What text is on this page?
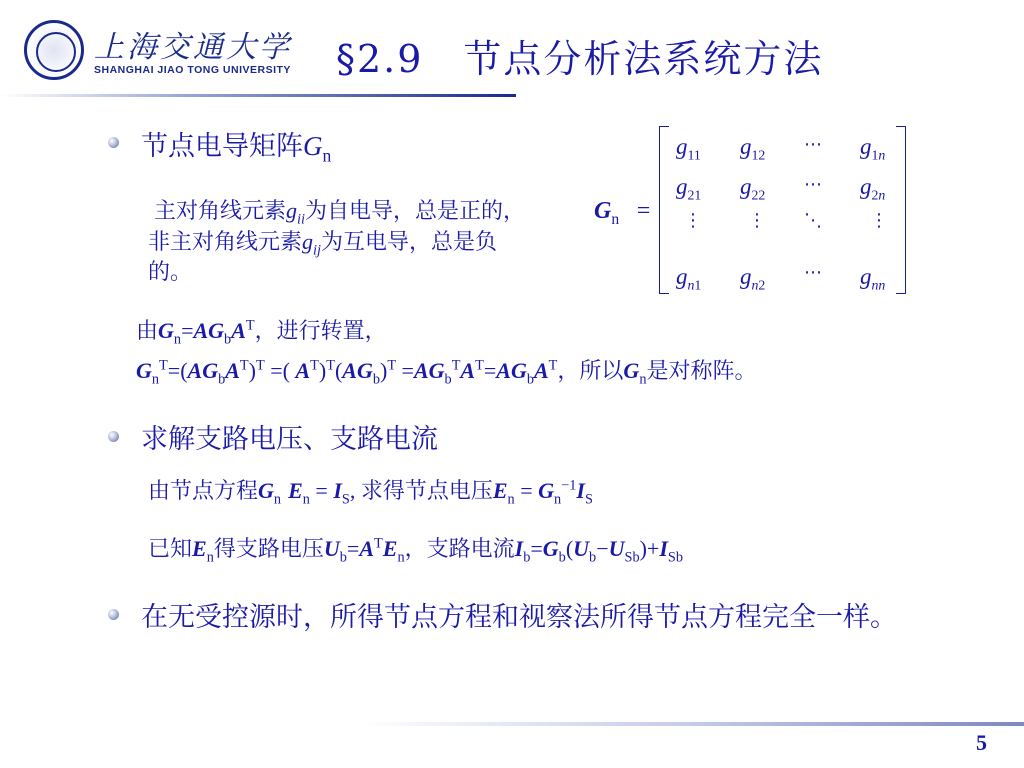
上海交通大学
SHANGHAI JIAO TONG UNIVERSITY §2.9　节点分析法系统方法
节点电导矩阵$G_n$
主对角线元素$g_{ii}$为自电导，总是正的，非主对角线元素$g_{ij}$为互电导，总是负的。
$G_n$ =
$g_{11}$ $g_{12}$
⋯ $g_{1n}$
$g_{21}$ $g_{22}$
⋯ $g_{2n}$
⋮	⋮ ⋱	⋮
$g_{n1}$ $g_{n2}$
⋯ $g_{nn}$
由$G_n=AG_bA^T$，进行转置，
$G_n^T=(AG_bA^T)^T$ =( $A^T)^T(AG_b)^T =AG_b^TA^T=AG_bA^T$，所以$G_n$是对称阵。
求解支路电压、支路电流
由节点方程$G_n$ $E_n = I_S$, 求得节点电压$E_n = G_n^{-1}I_S$
已知$E_n$得支路电压$U_b=A^TE_n$，支路电流$I_b=G_b(U_b-U_{Sb})+I_{Sb}$
在无受控源时，所得节点方程和视察法所得节点方程完全一样。
5
